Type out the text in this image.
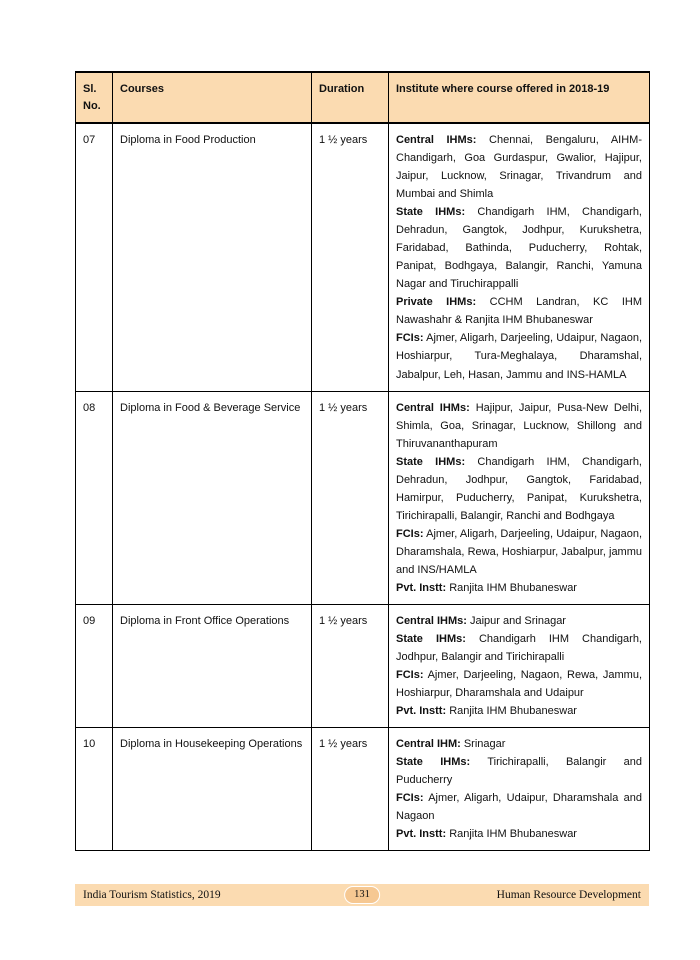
Sl. No.	Courses	Duration	Institute where course offered in 2018-19
07	Diploma in Food Production	1 ½ years	Central IHMs: Chennai, Bengaluru, AIHM-Chandigarh, Goa Gurdaspur, Gwalior, Hajipur, Jaipur, Lucknow, Srinagar, Trivandrum and Mumbai and Shimla
State IHMs: Chandigarh IHM, Chandigarh, Dehradun, Gangtok, Jodhpur, Kurukshetra, Faridabad, Bathinda, Puducherry, Rohtak, Panipat, Bodhgaya, Balangir, Ranchi, Yamuna Nagar and Tiruchirappalli
Private IHMs: CCHM Landran, KC IHM Nawashahr & Ranjita IHM Bhubaneswar
FCIs: Ajmer, Aligarh, Darjeeling, Udaipur, Nagaon, Hoshiarpur, Tura-Meghalaya, Dharamshal, Jabalpur, Leh, Hasan, Jammu and INS-HAMLA

08	Diploma in Food & Beverage Service	1 ½ years	Central IHMs: Hajipur, Jaipur, Pusa-New Delhi, Shimla, Goa, Srinagar, Lucknow, Shillong and Thiruvananthapuram
State IHMs: Chandigarh IHM, Chandigarh, Dehradun, Jodhpur, Gangtok, Faridabad, Hamirpur, Puducherry, Panipat, Kurukshetra, Tirichirapalli, Balangir, Ranchi and Bodhgaya
FCIs: Ajmer, Aligarh, Darjeeling, Udaipur, Nagaon, Dharamshala, Rewa, Hoshiarpur, Jabalpur, jammu and INS/HAMLA
Pvt. Instt: Ranjita IHM Bhubaneswar

09	Diploma in Front Office Operations	1 ½ years	Central IHMs: Jaipur and Srinagar
State IHMs: Chandigarh IHM Chandigarh, Jodhpur, Balangir and Tirichirapalli
FCIs: Ajmer, Darjeeling, Nagaon, Rewa, Jammu, Hoshiarpur, Dharamshala and Udaipur
Pvt. Instt: Ranjita IHM Bhubaneswar

10	Diploma in Housekeeping Operations	1 ½ years	Central IHM: Srinagar
State IHMs: Tirichirapalli, Balangir and Puducherry
FCIs: Ajmer, Aligarh, Udaipur, Dharamshala and Nagaon
Pvt. Instt: Ranjita IHM Bhubaneswar
India Tourism Statistics, 2019	131	Human Resource Development
